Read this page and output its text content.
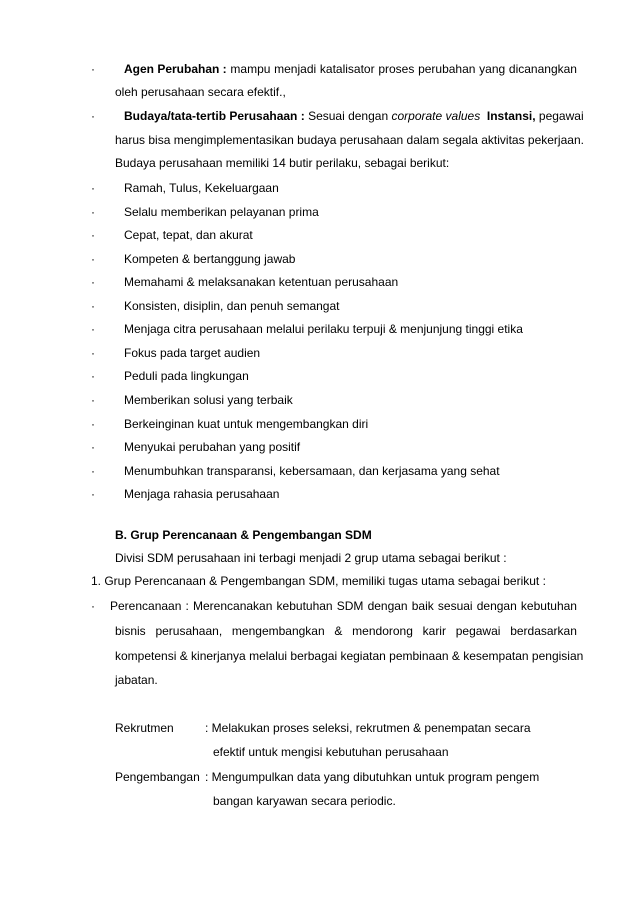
·	Agen Perubahan : mampu menjadi katalisator proses perubahan yang dicanangkan
oleh perusahaan secara efektif.,
·	Budaya/tata-tertib Perusahaan : Sesuai dengan corporate values Instansi, pegawai
harus bisa mengimplementasikan budaya perusahaan dalam segala aktivitas pekerjaan.
Budaya perusahaan memiliki 14 butir perilaku, sebagai berikut:
·	Ramah, Tulus, Kekeluargaan
·	Selalu memberikan pelayanan prima
·	Cepat, tepat, dan akurat
·	Kompeten & bertanggung jawab
·	Memahami & melaksanakan ketentuan perusahaan
·	Konsisten, disiplin, dan penuh semangat
·	Menjaga citra perusahaan melalui perilaku terpuji & menjunjung tinggi etika
·	Fokus pada target audien
·	Peduli pada lingkungan
·	Memberikan solusi yang terbaik
·	Berkeinginan kuat untuk mengembangkan diri
·	Menyukai perubahan yang positif
·	Menumbuhkan transparansi, kebersamaan, dan kerjasama yang sehat
·	Menjaga rahasia perusahaan
B. Grup Perencanaan & Pengembangan SDM
Divisi SDM perusahaan ini terbagi menjadi 2 grup utama sebagai berikut :
1. Grup Perencanaan & Pengembangan SDM, memiliki tugas utama sebagai berikut :
·	Perencanaan : Merencanakan kebutuhan SDM dengan baik sesuai dengan kebutuhan
bisnis perusahaan, mengembangkan & mendorong karir pegawai berdasarkan
kompetensi & kinerjanya melalui berbagai kegiatan pembinaan & kesempatan pengisian
jabatan.
Rekrutmen	: Melakukan proses seleksi, rekrutmen & penempatan secara
efektif untuk mengisi kebutuhan perusahaan
Pengembangan : Mengumpulkan data yang dibutuhkan untuk program pengem
bangan karyawan secara periodic.
